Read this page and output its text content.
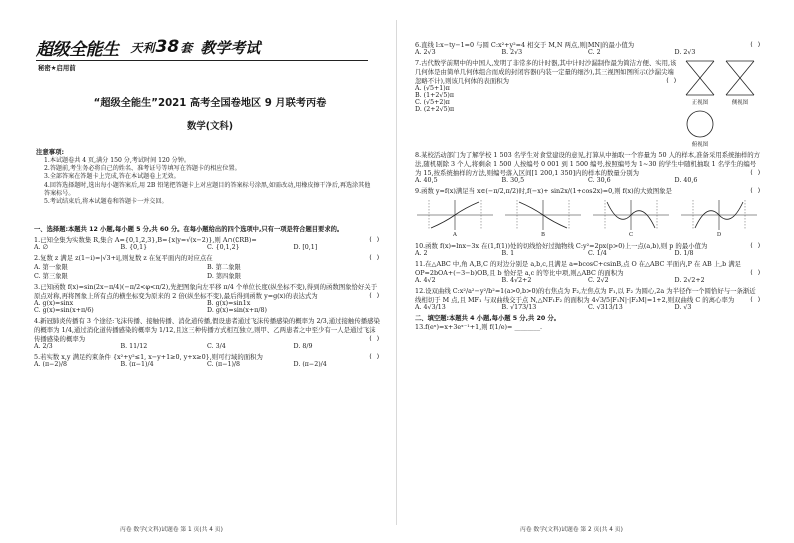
超级全能生 天利 38 套 教学考试
秘密★启用前
“超级全能生”2021 高考全国卷地区 9 月联考丙卷
数学(文科)
注意事项:
1.本试题卷共 4 页,满分 150 分,考试时间 120 分钟。
2.答题前,考生务必将自己的姓名、准考证号等填写在答题卡的相应位置。
3.全部答案在答题卡上完成,答在本试题卷上无效。
4.回答选择题时,选出每小题答案后,用 2B 铅笔把答题卡上对应题目的答案标号涂黑,如需改动,用橡皮擦干净后,再选涂其他答案标号。
5.考试结束后,将本试题卷和答题卡一并交回。
一、选择题:本题共 12 小题,每小题 5 分,共 60 分。在每小题给出的四个选项中,只有一项是符合题目要求的。
1.已知全集为实数集 R,集合 A={0,1,2,3},B={x|y=√(x−2)},则 A∩(∁RB)=	( )
A. ∅	B. {0,1}	C. {0,1,2}	D. [0,1]
2.复数 z 满足 z(1−i)=|√3+i|,则复数 z 在复平面内的对应点在	( )
A. 第一象限	B. 第二象限
C. 第三象限	D. 第四象限
3.已知函数 f(x)=sin(2x−π/4)(−π/2<φ<π/2),先把图象向左平移 π/4 个单位长度(纵坐标不变),得到的函数图象恰好关于原点对称,再将图象上所有点的横坐标变为原来的 2 倍(纵坐标不变),最后得到函数 y=g(x)的表达式为	( )
A. g(x)=sinx	B. g(x)=sin1x
C. g(x)=sin(x+π/6)	D. g(x)=sin(x+π/8)
4.新冠肺炎传播有 3 个途径:飞沫传播、接触传播、消化道传播,假设患者通过飞沫传播感染的概率为 2/3,通过接触传播感染的概率为 1/4,通过消化道传播感染的概率为 1/12,且这三种传播方式相互独立,则甲、乙两患者之中至少有一人是通过飞沫传播感染的概率为	( )
A. 2/3	B. 11/12	C. 3/4	D. 8/9
5.若实数 x,y 满足约束条件 {x²+y²≤1, x−y+1≥0, y+x≥0},则可行域的面积为	( )
A. (π−2)/8	B. (π−1)/4	C. (π−1)/8	D. (π−2)/4
6.直线 l:x−ty−1=0 与圆 C:x²+y²=4 相交于 M,N 两点,则|MN|的最小值为	( )
A. 2√3	B. 2√3	C. 2	D. 2√3
7.古代数学前期中的中国人,发明了非常多的计时器,其中计时沙漏制作最为简洁方便、实用,该几何体是由简单几何体组合而成的封闭容器(内装一定量的细沙),其三视图如图所示(沙漏尖端忽略不计),则该几何体的表面积为	( )
A. (√5+1)π
B. (1+2√5)π
C. (√5+2)π
D. (2+2√5)π
正视图	侧视图
俯视图
8.某校活动部门为了解学校 1 503 名学生对食堂建设的意见,打算从中抽取一个容量为 50 人的样本,准备采用系统抽样的方法,随机剔除 3 个人,将剩余 1 500 人按编号 0 001 到 1 500 编号,按照编号为 1~30 的学生中随机抽取 1 名学生的编号为 15,按系统抽样的方法,则编号落入区间[1 200,1 350]内的样本的数量分别为	( )
A. 40,5	B. 30,5	C. 30,6	D. 40,6
9.函数 y=f(x)满足当 x∈(−π/2,π/2)时,f(−x)+ sin2x/(1+cos2x)=0,则 f(x)的大致图象是	( )
A	B	C	D
10.函数 f(x)=lnx−3x 在(1,f(1))处的切线恰好过抛物线 C:y²=2px(p>0)上一点(a,b),则 p 的最小值为	( )
A. 2	B. 1	C. 1/4	D. 1/8
11.在△ABC 中,角 A,B,C 的对边分别是 a,b,c,且满足 a=bcosC+csinB,点 O 在△ABC 平面内,P 在 AB 上,b 满足 OP=2bOA+(−3−b)OB,且 b 恰好是 a,c 的等比中项,则△ABC 的面积为	( )
A. 4√2	B. 4√2+2	C. 2√2	D. 2√2+2
12.设双曲线 C:x²/a²−y²/b²=1(a>0,b>0)的右焦点为 F₂,左焦点为 F₁,以 F₂ 为圆心,2a 为半径作一个圆恰好与一条渐近线相切于 M 点,且 MF₁ 与双曲线交于点 N,△NF₁F₂ 的面积为 4√3/5|F₁N|·|F₂M|=1+2,则双曲线 C 的离心率为 ( )
A. 4√3/13	B. √173/13	C. √313/13	D. √3
二、填空题:本题共 4 小题,每小题 5 分,共 20 分。
13.f(eˣ)=x+3eˣ⁻¹+1,则 f(1/e)= ________.
丙卷 数学(文科)试题卷 第 1 页(共 4 页)	丙卷 数学(文科)试题卷 第 2 页(共 4 页)
